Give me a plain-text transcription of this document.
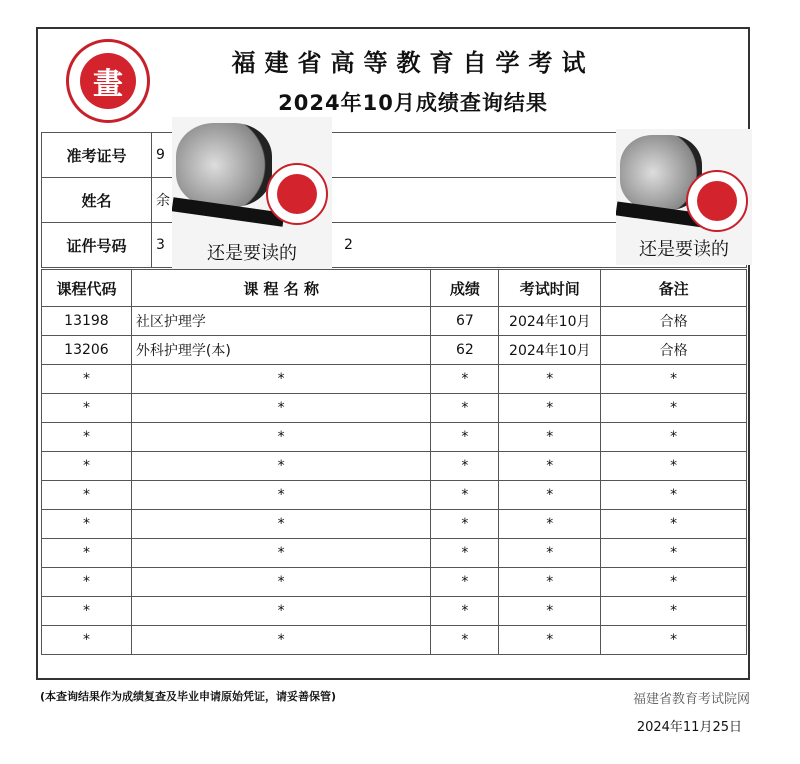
畫
福建省高等教育自学考试
2024年10月成绩查询结果
准考证号	9
姓名	余
证件号码	3 2
课程代码	课 程 名 称	成绩	考试时间	备注
13198	社区护理学	67	2024年10月	合格
13206	外科护理学(本)	62	2024年10月	合格
*	*	*	*	*
*	*	*	*	*
*	*	*	*	*
*	*	*	*	*
*	*	*	*	*
*	*	*	*	*
*	*	*	*	*
*	*	*	*	*
*	*	*	*	*
*	*	*	*	*
还是要读的	还是要读的
(本查询结果作为成绩复查及毕业申请原始凭证，请妥善保管)	福建省教育考试院网
2024年11月25日
